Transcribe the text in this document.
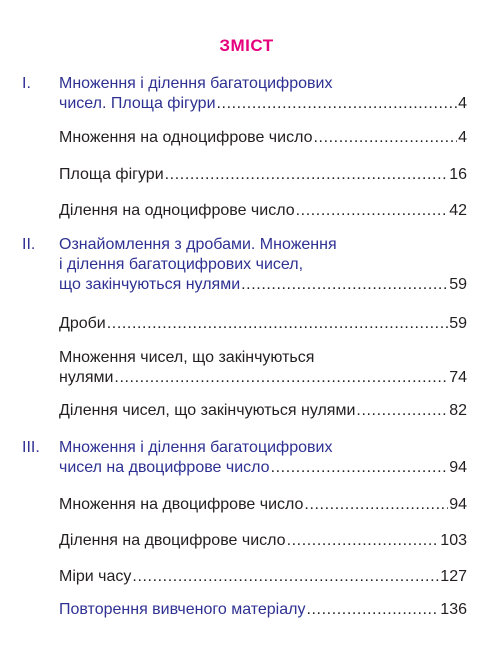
ЗМІСТ
I.	Множення і ділення багатоцифрових
чисел. Площа фігури .....	4
Множення на одноцифрове число .....	4
Площа фігури .....	16
Ділення на одноцифрове число .....	42
II.	Ознайомлення з дробами. Множення
і ділення багатоцифрових чисел,
що закінчуються нулями .....	59
Дроби .....	59
Множення чисел, що закінчуються
нулями .....	74
Ділення чисел, що закінчуються нулями .....	82
III.	Множення і ділення багатоцифрових
чисел на двоцифрове число .....	94
Множення на двоцифрове число .....	94
Ділення на двоцифрове число .....	103
Міри часу .....	127
Повторення вивченого матеріалу .....	136
